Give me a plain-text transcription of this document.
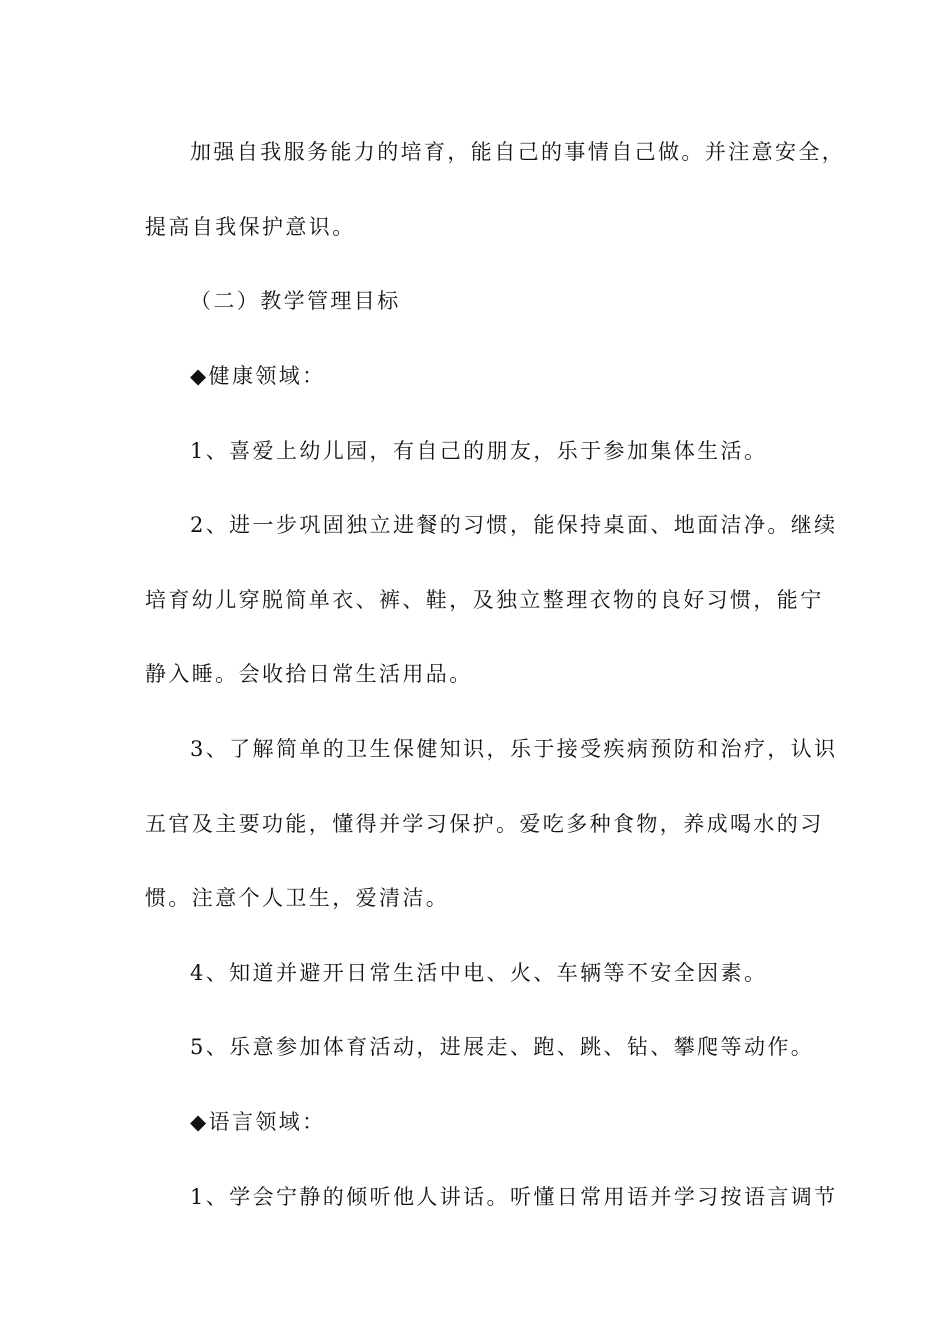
加强自我服务能力的培育，能自己的事情自己做。并注意安全，
提高自我保护意识。
（二）教学管理目标
◆健康领域：
1、喜爱上幼儿园，有自己的朋友，乐于参加集体生活。
2、进一步巩固独立进餐的习惯，能保持桌面、地面洁净。继续
培育幼儿穿脱简单衣、裤、鞋，及独立整理衣物的良好习惯，能宁
静入睡。会收拾日常生活用品。
3、了解简单的卫生保健知识，乐于接受疾病预防和治疗，认识
五官及主要功能，懂得并学习保护。爱吃多种食物，养成喝水的习
惯。注意个人卫生，爱清洁。
4、知道并避开日常生活中电、火、车辆等不安全因素。
5、乐意参加体育活动，进展走、跑、跳、钻、攀爬等动作。
◆语言领域：
1、学会宁静的倾听他人讲话。听懂日常用语并学习按语言调节
